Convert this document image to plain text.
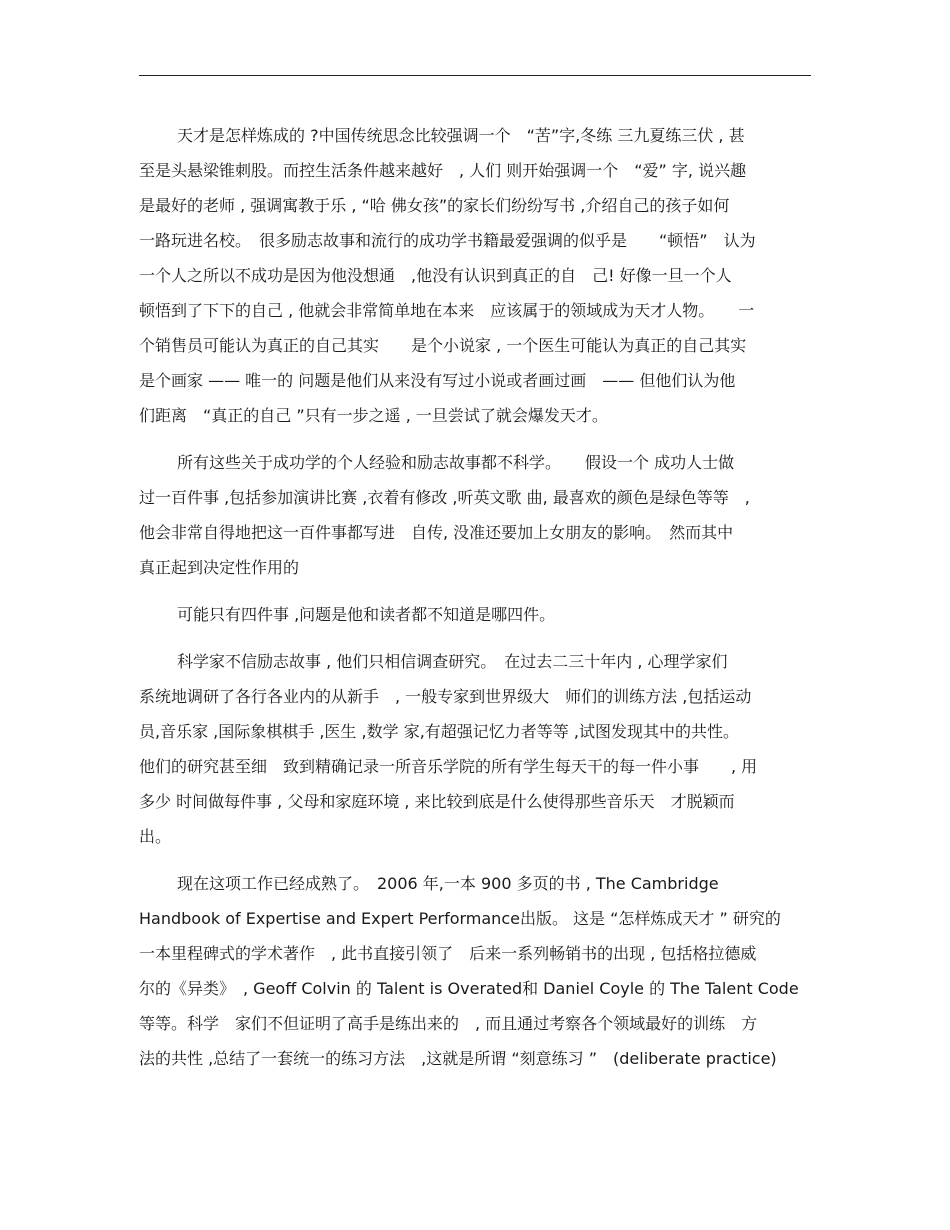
天才是怎样炼成的 ?中国传统思念比较强调一个　“苦”字,冬练 三九夏练三伏 , 甚
至是头悬梁锥刺股。而控生活条件越来越好　, 人们 则开始强调一个　“爱” 字, 说兴趣
是最好的老师 , 强调寓教于乐 , “哈 佛女孩”的家长们纷纷写书 ,介绍自己的孩子如何
一路玩进名校。　很多励志故事和流行的成功学书籍最爱强调的似乎是　　“顿悟”　认为
一个人之所以不成功是因为他没想通　,他没有认识到真正的自　己! 好像一旦一个人
顿悟到了下下的自己 , 他就会非常简单地在本来　应该属于的领域成为天才人物。　　一
个销售员可能认为真正的自己其实　　是个小说家 , 一个医生可能认为真正的自己其实
是个画家 —— 唯一的 问题是他们从来没有写过小说或者画过画　—— 但他们认为他
们距离　“真正的自己 ”只有一步之遥 , 一旦尝试了就会爆发天才。
所有这些关于成功学的个人经验和励志故事都不科学。　　假设一个 成功人士做
过一百件事 ,包括参加演讲比赛 ,衣着有修改 ,听英文歌 曲, 最喜欢的颜色是绿色等等　,
他会非常自得地把这一百件事都写进　自传, 没准还要加上女朋友的影响。　然而其中
真正起到决定性作用的
可能只有四件事 ,问题是他和读者都不知道是哪四件。
科学家不信励志故事 , 他们只相信调查研究。　在过去二三十年内 , 心理学家们
系统地调研了各行各业内的从新手　, 一般专家到世界级大　师们的训练方法 ,包括运动
员,音乐家 ,国际象棋棋手 ,医生 ,数学 家,有超强记忆力者等等 ,试图发现其中的共性。
他们的研究甚至细　致到精确记录一所音乐学院的所有学生每天干的每一件小事　　, 用
多少 时间做每件事 , 父母和家庭环境 , 来比较到底是什么使得那些音乐天　才脱颖而
出。
现在这项工作已经成熟了。　2006 年,一本 900 多页的书 , The Cambridge
Handbook of Expertise and Expert Performance出版。 这是 “怎样炼成天才 ” 研究的
一本里程碑式的学术著作　, 此书直接引领了　后来一系列畅销书的出现 , 包括格拉德威
尔的《异类》　, Geoff Colvin 的 Talent is Overated和 Daniel Coyle 的 The Talent Code
等等。科学　家们不但证明了高手是练出来的　, 而且通过考察各个领域最好的训练　方
法的共性 ,总结了一套统一的练习方法　,这就是所谓 “刻意练习 ”　(deliberate practice)
